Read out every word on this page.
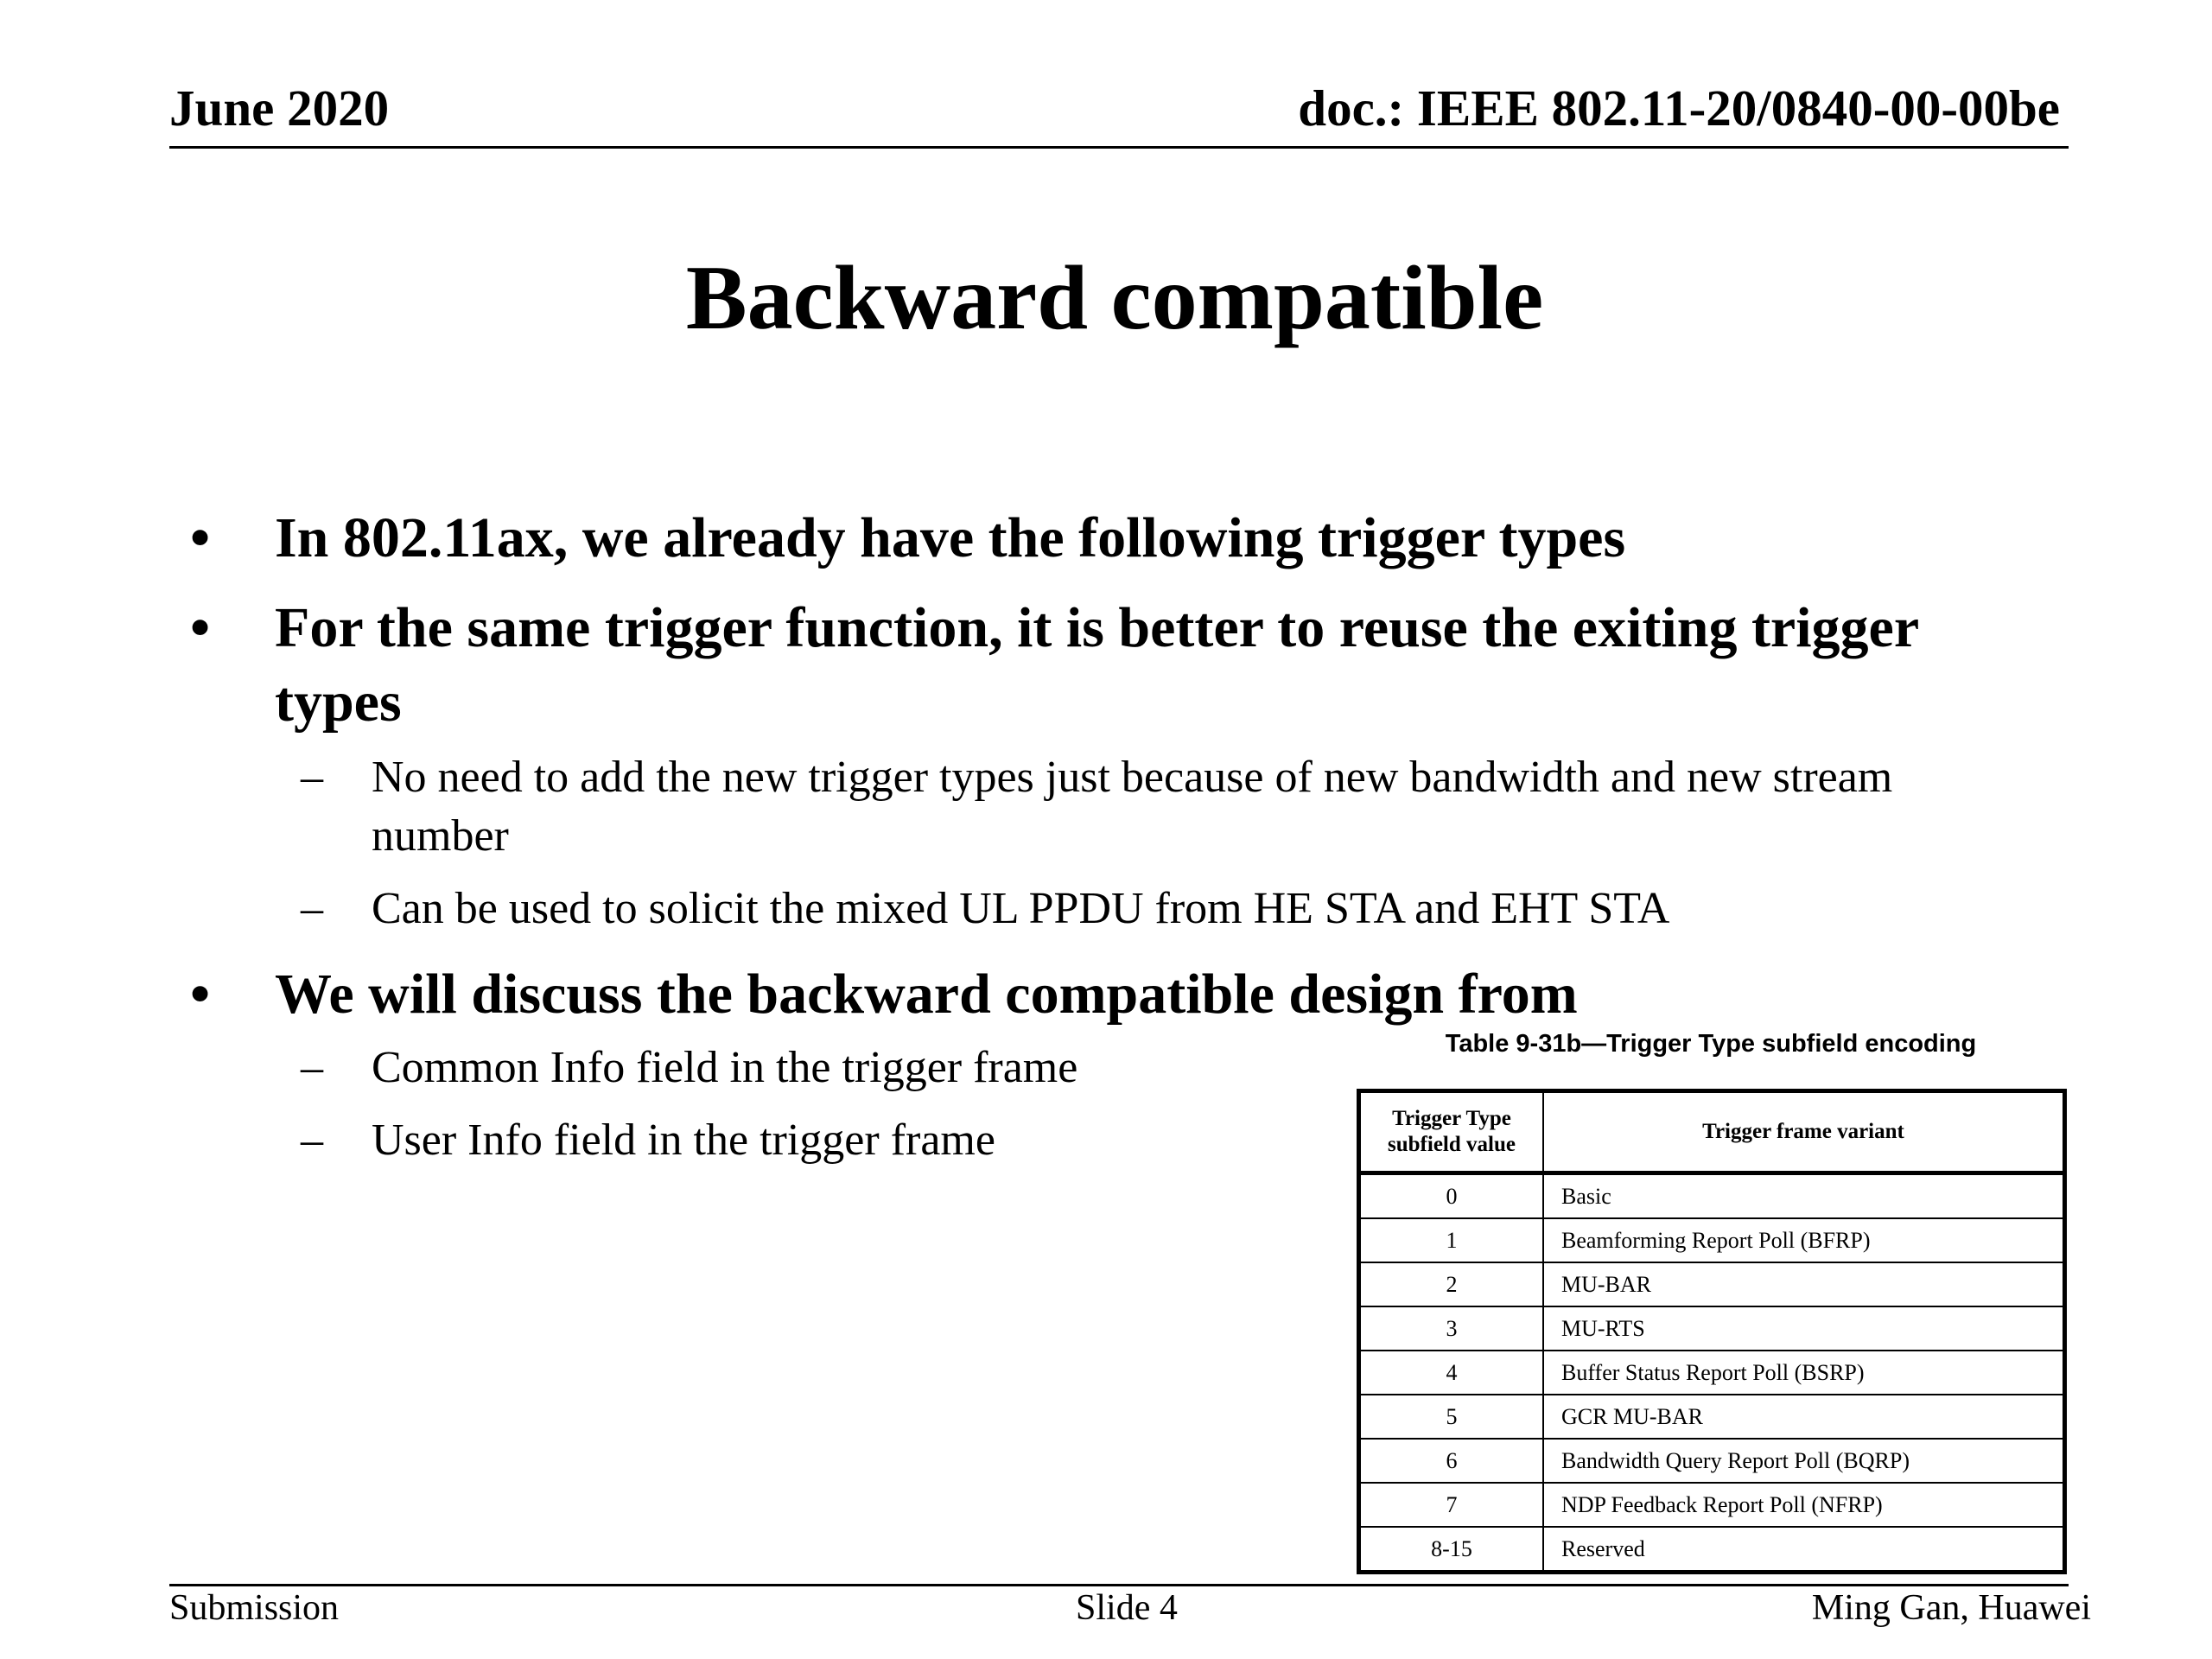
June 2020	doc.: IEEE 802.11-20/0840-00-00be
Backward compatible
• In 802.11ax, we already have the following trigger types
• For the same trigger function, it is better to reuse the exiting trigger types
– No need to add the new trigger types just because of new bandwidth and new stream number
– Can be used to solicit the mixed UL PPDU from HE STA and EHT STA
• We will discuss the backward compatible design from
– Common Info field in the trigger frame
– User Info field in the trigger frame
Table 9-31b—Trigger Type subfield encoding
Trigger Type subfield value	Trigger frame variant
0	Basic
1	Beamforming Report Poll (BFRP)
2	MU-BAR
3	MU-RTS
4	Buffer Status Report Poll (BSRP)
5	GCR MU-BAR
6	Bandwidth Query Report Poll (BQRP)
7	NDP Feedback Report Poll (NFRP)
8-15	Reserved
Submission	Slide 4	Ming Gan, Huawei
